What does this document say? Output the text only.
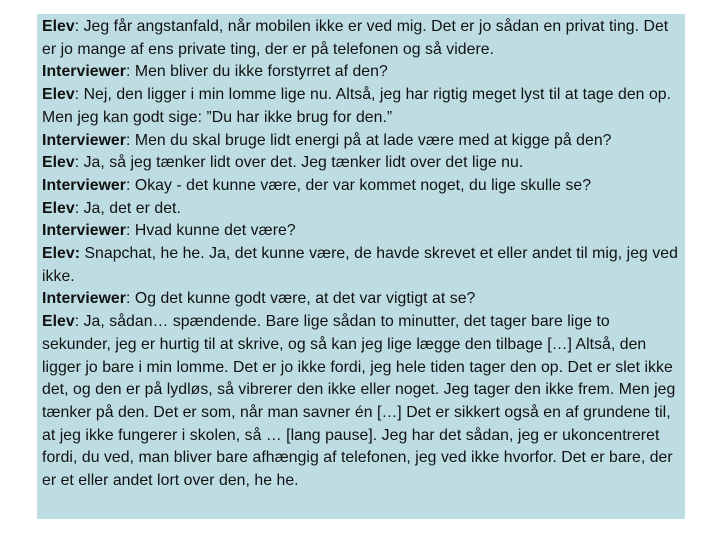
Elev: Jeg får angstanfald, når mobilen ikke er ved mig. Det er jo sådan en privat ting. Det er jo mange af ens private ting, der er på telefonen og så videre.
Interviewer: Men bliver du ikke forstyrret af den?
Elev: Nej, den ligger i min lomme lige nu. Altså, jeg har rigtig meget lyst til at tage den op. Men jeg kan godt sige: ”Du har ikke brug for den.”
Interviewer: Men du skal bruge lidt energi på at lade være med at kigge på den?
Elev: Ja, så jeg tænker lidt over det. Jeg tænker lidt over det lige nu.
Interviewer: Okay - det kunne være, der var kommet noget, du lige skulle se?
Elev: Ja, det er det.
Interviewer: Hvad kunne det være?
Elev: Snapchat, he he. Ja, det kunne være, de havde skrevet et eller andet til mig, jeg ved ikke.
Interviewer: Og det kunne godt være, at det var vigtigt at se?
Elev: Ja, sådan… spændende. Bare lige sådan to minutter, det tager bare lige to sekunder, jeg er hurtig til at skrive, og så kan jeg lige lægge den tilbage […] Altså, den ligger jo bare i min lomme. Det er jo ikke fordi, jeg hele tiden tager den op. Det er slet ikke det, og den er på lydløs, så vibrerer den ikke eller noget. Jeg tager den ikke frem. Men jeg tænker på den. Det er som, når man savner én […] Det er sikkert også en af grundene til, at jeg ikke fungerer i skolen, så … [lang pause]. Jeg har det sådan, jeg er ukoncentreret fordi, du ved, man bliver bare afhængig af telefonen, jeg ved ikke hvorfor. Det er bare, der er et eller andet lort over den, he he.
